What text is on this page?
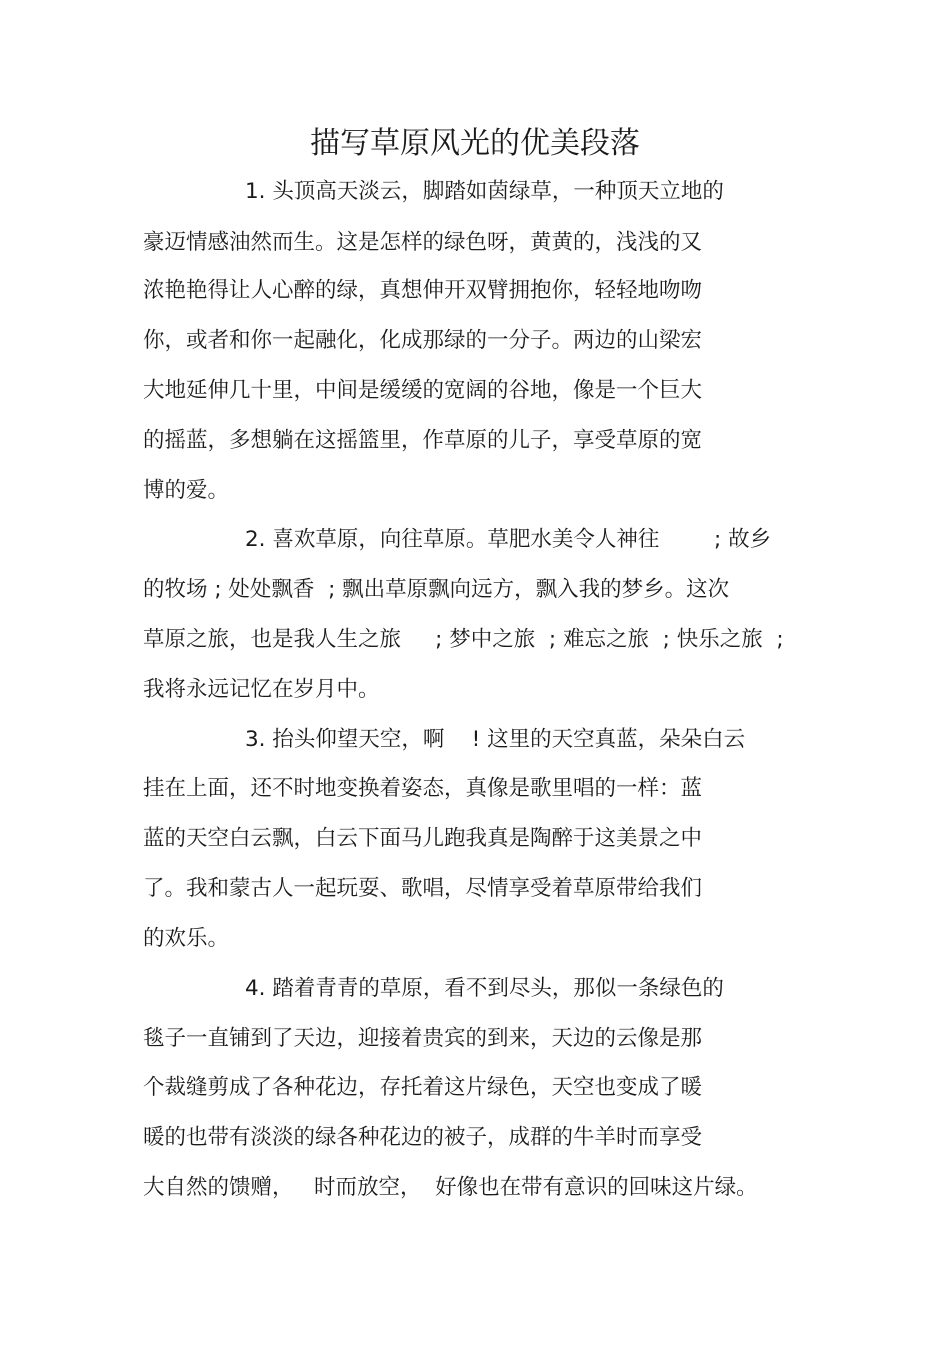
描写草原风光的优美段落

1. 头顶高天淡云，脚踏如茵绿草，一种顶天立地的

豪迈情感油然而生。这是怎样的绿色呀，黄黄的，浅浅的又

浓艳艳得让人心醉的绿，真想伸开双臂拥抱你，轻轻地吻吻

你，或者和你一起融化，化成那绿的一分子。两边的山梁宏

大地延伸几十里，中间是缓缓的宽阔的谷地，像是一个巨大

的摇蓝，多想躺在这摇篮里，作草原的儿子，享受草原的宽

博的爱。

2. 喜欢草原，向往草原。草肥水美令人神往        ; 故乡

的牧场 ; 处处飘香  ; 飘出草原飘向远方，飘入我的梦乡。这次

草原之旅，也是我人生之旅     ; 梦中之旅  ; 难忘之旅  ; 快乐之旅  ;

我将永远记忆在岁月中。

3. 抬头仰望天空，啊    ! 这里的天空真蓝，朵朵白云

挂在上面，还不时地变换着姿态，真像是歌里唱的一样：蓝

蓝的天空白云飘，白云下面马儿跑我真是陶醉于这美景之中

了。我和蒙古人一起玩耍、歌唱，尽情享受着草原带给我们

的欢乐。

4. 踏着青青的草原，看不到尽头，那似一条绿色的

毯子一直铺到了天边，迎接着贵宾的到来，天边的云像是那

个裁缝剪成了各种花边，存托着这片绿色，天空也变成了暖

暖的也带有淡淡的绿各种花边的被子，成群的牛羊时而享受

大自然的馈赠，   时而放空，  好像也在带有意识的回味这片绿。
